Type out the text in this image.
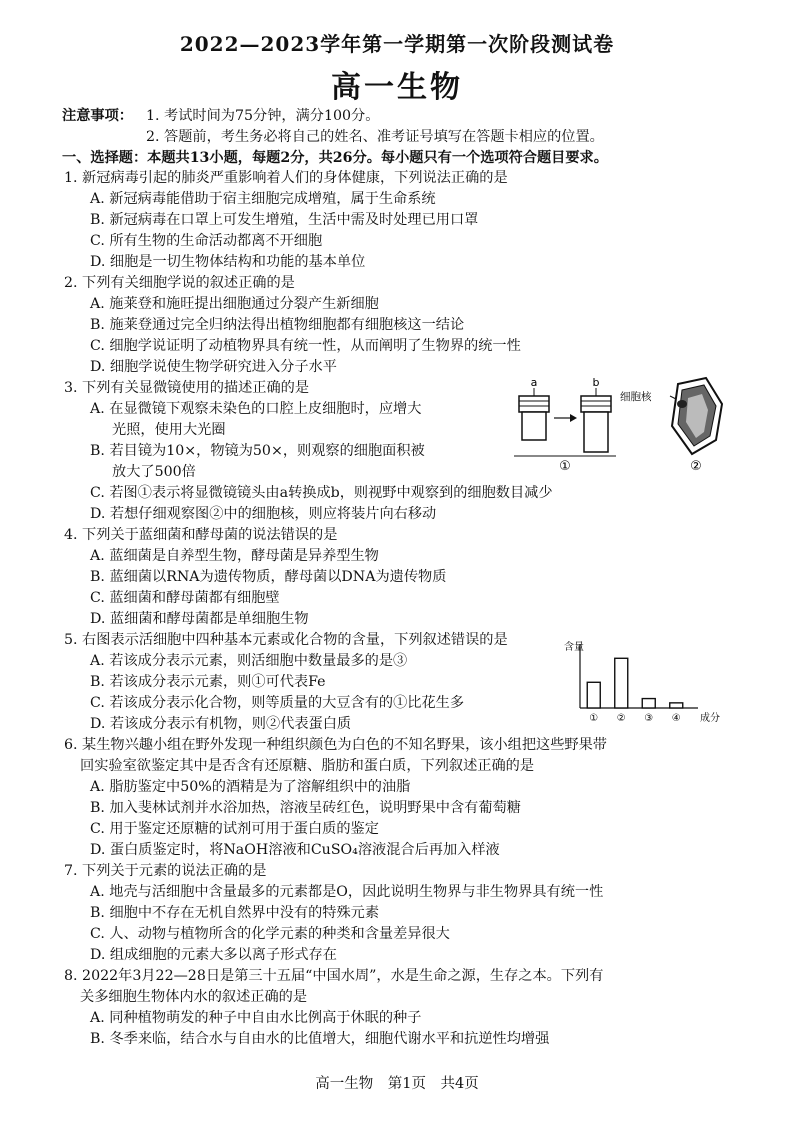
2022—2023学年第一学期第一次阶段测试卷
高一生物
注意事项： 1. 考试时间为75分钟，满分100分。
2. 答题前，考生务必将自己的姓名、准考证号填写在答题卡相应的位置。
一、选择题：本题共13小题，每题2分，共26分。每小题只有一个选项符合题目要求。
1. 新冠病毒引起的肺炎严重影响着人们的身体健康，下列说法正确的是
A. 新冠病毒能借助于宿主细胞完成增殖，属于生命系统
B. 新冠病毒在口罩上可发生增殖，生活中需及时处理已用口罩
C. 所有生物的生命活动都离不开细胞
D. 细胞是一切生物体结构和功能的基本单位
2. 下列有关细胞学说的叙述正确的是
A. 施莱登和施旺提出细胞通过分裂产生新细胞
B. 施莱登通过完全归纳法得出植物细胞都有细胞核这一结论
C. 细胞学说证明了动植物界具有统一性，从而阐明了生物界的统一性
D. 细胞学说使生物学研究进入分子水平
3. 下列有关显微镜使用的描述正确的是
A. 在显微镜下观察未染色的口腔上皮细胞时，应增大
光照，使用大光圈
B. 若目镜为10×，物镜为50×，则观察的细胞面积被
放大了500倍
C. 若图①表示将显微镜镜头由a转换成b，则视野中观察到的细胞数目减少
D. 若想仔细观察图②中的细胞核，则应将装片向右移动
a	b
①
细胞核
②
4. 下列关于蓝细菌和酵母菌的说法错误的是
A. 蓝细菌是自养型生物，酵母菌是异养型生物
B. 蓝细菌以RNA为遗传物质，酵母菌以DNA为遗传物质
C. 蓝细菌和酵母菌都有细胞壁
D. 蓝细菌和酵母菌都是单细胞生物
5. 右图表示活细胞中四种基本元素或化合物的含量，下列叙述错误的是
A. 若该成分表示元素，则活细胞中数量最多的是③
B. 若该成分表示元素，则①可代表Fe
C. 若该成分表示化合物，则等质量的大豆含有的①比花生多
D. 若该成分表示有机物，则②代表蛋白质
含量
成分
① ② ③ ④
6. 某生物兴趣小组在野外发现一种组织颜色为白色的不知名野果，该小组把这些野果带
回实验室欲鉴定其中是否含有还原糖、脂肪和蛋白质，下列叙述正确的是
A. 脂肪鉴定中50%的酒精是为了溶解组织中的油脂
B. 加入斐林试剂并水浴加热，溶液呈砖红色，说明野果中含有葡萄糖
C. 用于鉴定还原糖的试剂可用于蛋白质的鉴定
D. 蛋白质鉴定时，将NaOH溶液和CuSO₄溶液混合后再加入样液
7. 下列关于元素的说法正确的是
A. 地壳与活细胞中含量最多的元素都是O，因此说明生物界与非生物界具有统一性
B. 细胞中不存在无机自然界中没有的特殊元素
C. 人、动物与植物所含的化学元素的种类和含量差异很大
D. 组成细胞的元素大多以离子形式存在
8. 2022年3月22—28日是第三十五届“中国水周”，水是生命之源，生存之本。下列有
关多细胞生物体内水的叙述正确的是
A. 同种植物萌发的种子中自由水比例高于休眠的种子
B. 冬季来临，结合水与自由水的比值增大，细胞代谢水平和抗逆性均增强
高一生物　第1页　共4页
